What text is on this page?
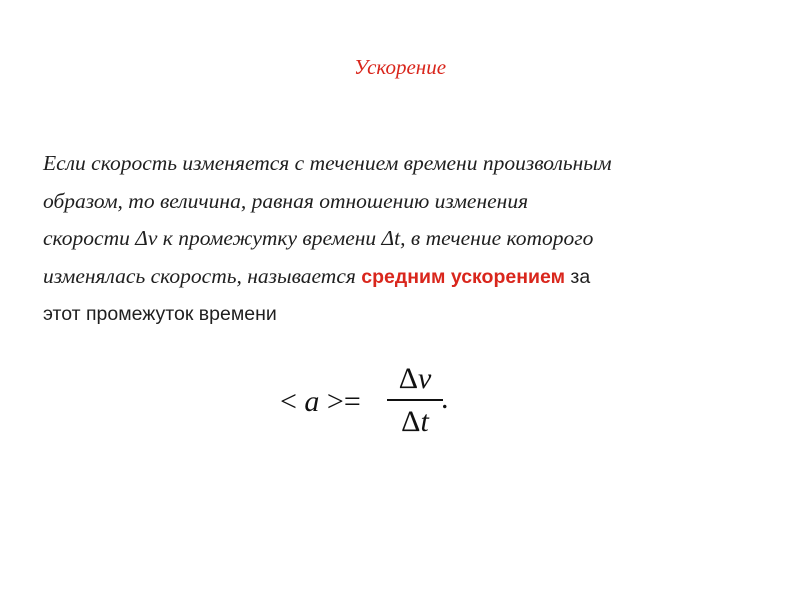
Ускорение
Если скорость изменяется с течением времени произвольным
образом, то величина, равная отношению изменения
скорости Δv к промежутку времени Δt, в течение которого
изменялась скорость, называется средним ускорением за
этот промежуток времени
< a >=
Δv
Δt
.
